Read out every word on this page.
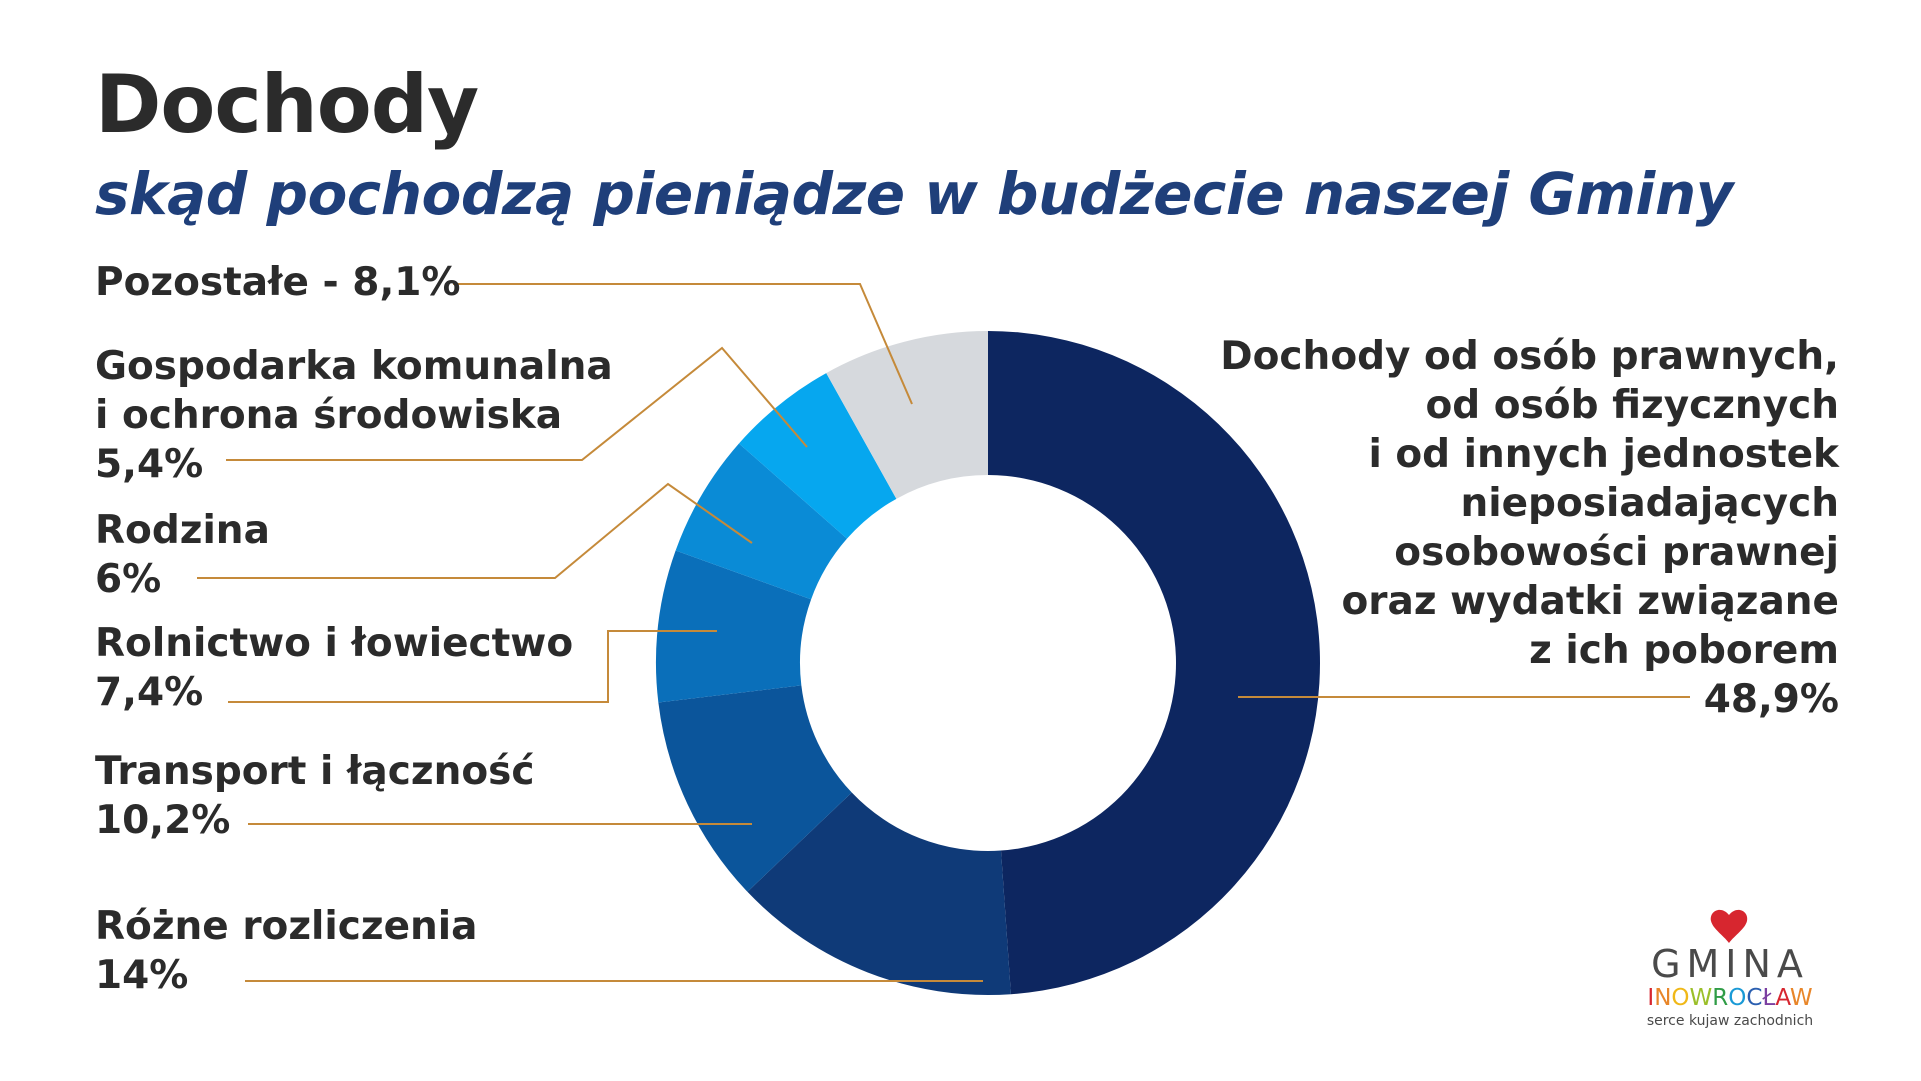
Dochody
skąd pochodzą pieniądze w budżecie naszej Gminy
Dochody od osób prawnych,
od osób fizycznych
i od innych jednostek
nieposiadających
osobowości prawnej
oraz wydatki związane
z ich poborem
48,9%
Różne rozliczenia
14%
Transport i łączność
10,2%
Rolnictwo i łowiectwo
7,4%
Rodzina
6%
Gospodarka komunalna
i ochrona środowiska
5,4%
Pozostałe - 8,1%
GMINA
INOWROCŁAW
serce kujaw zachodnich
